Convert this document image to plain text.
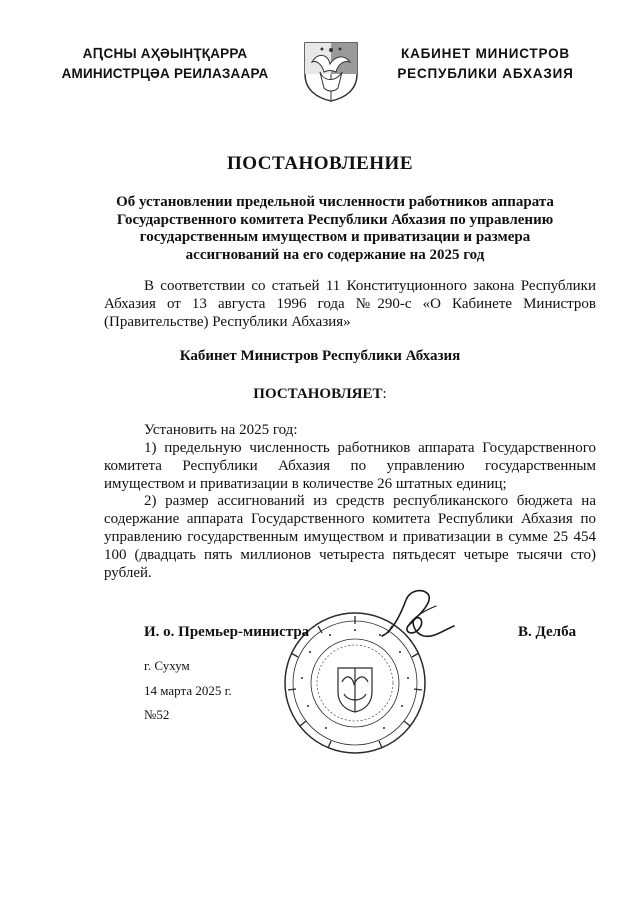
АԤСНЫ АҲӘЫНҬҚАРРА
АМИНИСТРЦӘА РЕИЛАЗААРА
КАБИНЕТ МИНИСТРОВ
РЕСПУБЛИКИ АБХАЗИЯ
ПОСТАНОВЛЕНИЕ
Об установлении предельной численности работников аппарата
Государственного комитета Республики Абхазия по управлению
государственным имуществом и приватизации и размера
ассигнований на его содержание на 2025 год
В соответствии со статьей 11 Конституционного закона Республики Абхазия от 13 августа 1996 года №290-с «О Кабинете Министров (Правительстве) Республики Абхазия»
Кабинет Министров Республики Абхазия
ПОСТАНОВЛЯЕТ:
Установить на 2025 год:
1) предельную численность работников аппарата Государственного комитета Республики Абхазия по управлению государственным имуществом и приватизации в количестве 26 штатных единиц;
2) размер ассигнований из средств республиканского бюджета на содержание аппарата Государственного комитета Республики Абхазия по управлению государственным имуществом и приватизации в сумме 25 454 100 (двадцать пять миллионов четыреста пятьдесят четыре тысячи сто) рублей.
И. о. Премьер-министра	В. Делба
г. Сухум
14 марта 2025 г.
№52
